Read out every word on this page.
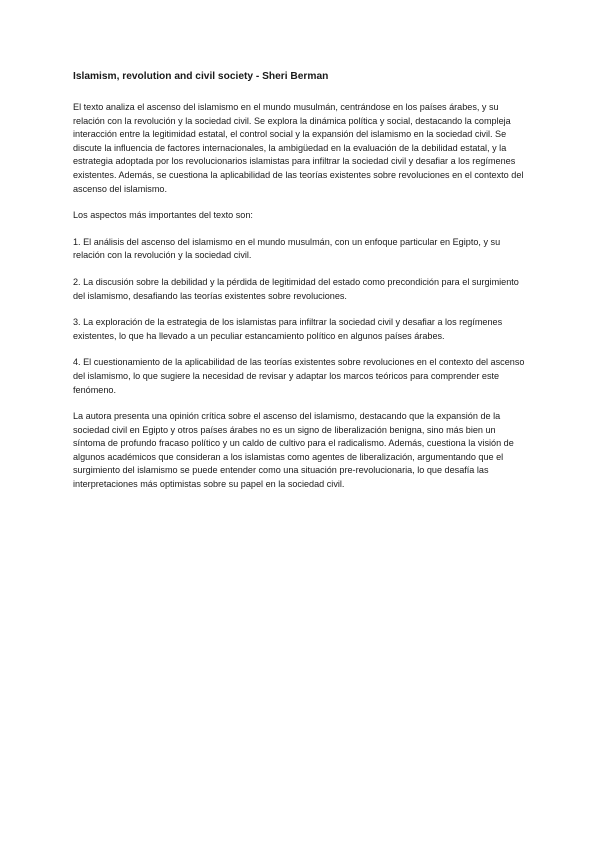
Islamism, revolution and civil society - Sheri Berman

El texto analiza el ascenso del islamismo en el mundo musulmán, centrándose en los países árabes, y su relación con la revolución y la sociedad civil. Se explora la dinámica política y social, destacando la compleja interacción entre la legitimidad estatal, el control social y la expansión del islamismo en la sociedad civil. Se discute la influencia de factores internacionales, la ambigüedad en la evaluación de la debilidad estatal, y la estrategia adoptada por los revolucionarios islamistas para infiltrar la sociedad civil y desafiar a los regímenes existentes. Además, se cuestiona la aplicabilidad de las teorías existentes sobre revoluciones en el contexto del ascenso del islamismo.

Los aspectos más importantes del texto son:

1. El análisis del ascenso del islamismo en el mundo musulmán, con un enfoque particular en Egipto, y su relación con la revolución y la sociedad civil.

2. La discusión sobre la debilidad y la pérdida de legitimidad del estado como precondición para el surgimiento del islamismo, desafiando las teorías existentes sobre revoluciones.

3. La exploración de la estrategia de los islamistas para infiltrar la sociedad civil y desafiar a los regímenes existentes, lo que ha llevado a un peculiar estancamiento político en algunos países árabes.

4. El cuestionamiento de la aplicabilidad de las teorías existentes sobre revoluciones en el contexto del ascenso del islamismo, lo que sugiere la necesidad de revisar y adaptar los marcos teóricos para comprender este fenómeno.

La autora presenta una opinión crítica sobre el ascenso del islamismo, destacando que la expansión de la sociedad civil en Egipto y otros países árabes no es un signo de liberalización benigna, sino más bien un síntoma de profundo fracaso político y un caldo de cultivo para el radicalismo. Además, cuestiona la visión de algunos académicos que consideran a los islamistas como agentes de liberalización, argumentando que el surgimiento del islamismo se puede entender como una situación pre-revolucionaria, lo que desafía las interpretaciones más optimistas sobre su papel en la sociedad civil.
